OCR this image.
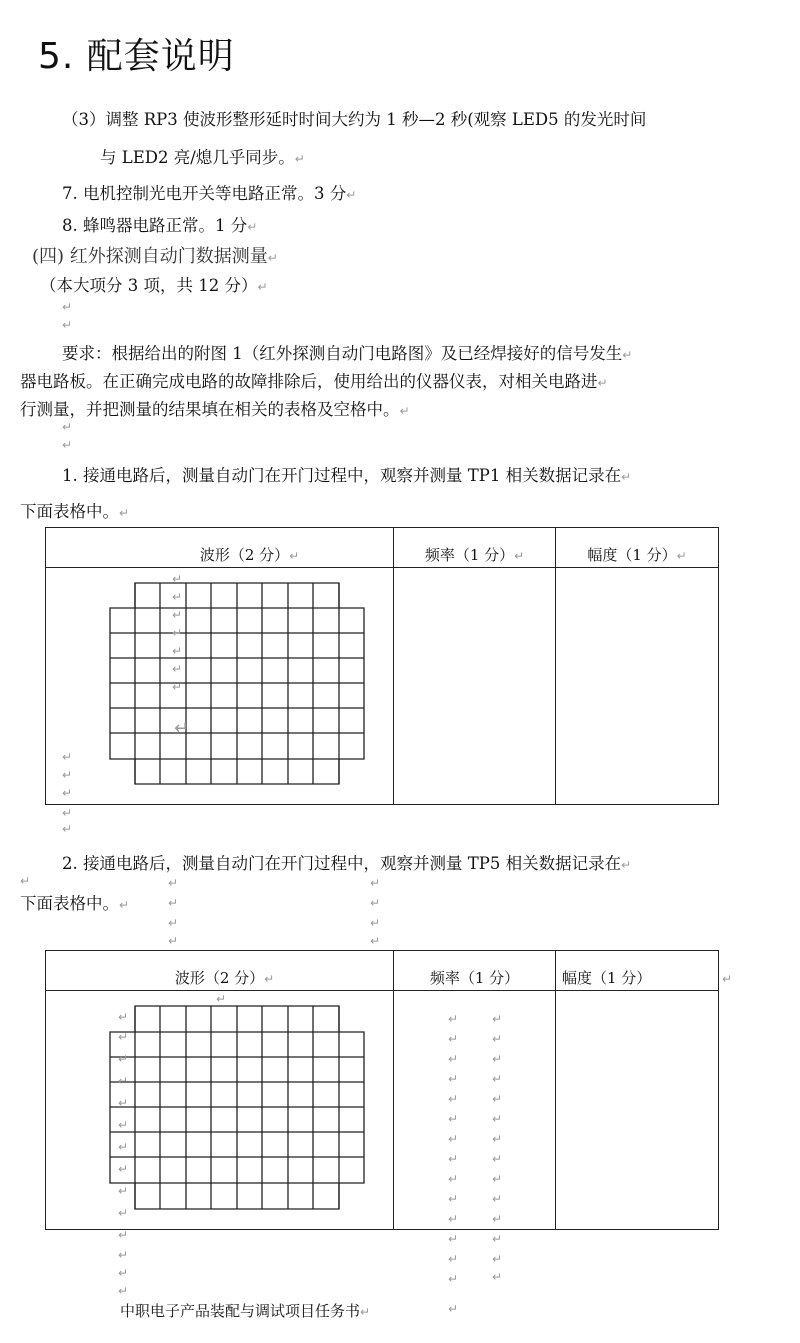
5. 配套说明
（3）调整 RP3 使波形整形延时时间大约为 1 秒—2 秒(观察 LED5 的发光时间
与 LED2 亮/熄几乎同步。↵
7. 电机控制光电开关等电路正常。3 分↵
8. 蜂鸣器电路正常。1 分↵
(四) 红外探测自动门数据测量↵
（本大项分 3 项，共 12 分）↵
↵
↵
要求：根据给出的附图 1（红外探测自动门电路图》及已经焊接好的信号发生↵
器电路板。在正确完成电路的故障排除后，使用给出的仪器仪表，对相关电路进↵
行测量，并把测量的结果填在相关的表格及空格中。↵
↵
↵
1. 接通电路后，测量自动门在开门过程中，观察并测量 TP1 相关数据记录在↵
下面表格中。↵
波形（2 分）↵	频率（1 分）↵	幅度（1 分）↵

↵
↵
↵
↵
↵
↵
↵
↵
↵
↵
↵
↵
↵
2. 接通电路后，测量自动门在开门过程中，观察并测量 TP5 相关数据记录在↵
↵
下面表格中。↵
↵
↵
↵
↵
↵
↵
↵
↵
波形（2 分）↵	频率（1 分）	幅度（1 分）

			↵
↵
↵
↵
↵
↵
↵
↵
↵
↵
↵
↵
↵
↵
↵
↵
↵
↵
↵
↵
↵
↵
↵
↵
↵
↵
↵
↵
↵
↵
↵
↵
↵
↵
↵
↵
↵
↵
↵
↵
↵
↵
↵
↵
中职电子产品装配与调试项目任务书↵	↵
